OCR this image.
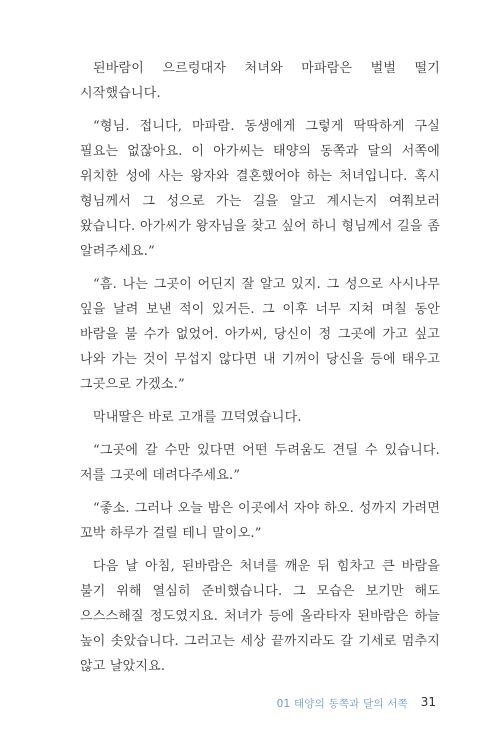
된바람이 으르렁대자 처녀와 마파람은 벌벌 떨기 시작했습니다.

“형님. 접니다, 마파람. 동생에게 그렇게 딱딱하게 구실 필요는 없잖아요. 이 아가씨는 태양의 동쪽과 달의 서쪽에 위치한 성에 사는 왕자와 결혼했어야 하는 처녀입니다. 혹시 형님께서 그 성으로 가는 길을 알고 계시는지 여쭤보러 왔습니다. 아가씨가 왕자님을 찾고 싶어 하니 형님께서 길을 좀 알려주세요.”

“흠. 나는 그곳이 어딘지 잘 알고 있지. 그 성으로 사시나무 잎을 날려 보낸 적이 있거든. 그 이후 너무 지쳐 며칠 동안 바람을 불 수가 없었어. 아가씨, 당신이 정 그곳에 가고 싶고 나와 가는 것이 무섭지 않다면 내 기꺼이 당신을 등에 태우고 그곳으로 가겠소.”

막내딸은 바로 고개를 끄덕였습니다.

“그곳에 갈 수만 있다면 어떤 두려움도 견딜 수 있습니다. 저를 그곳에 데려다주세요.”

“좋소. 그러나 오늘 밤은 이곳에서 자야 하오. 성까지 가려면 꼬박 하루가 걸릴 테니 말이오.”

다음 날 아침, 된바람은 처녀를 깨운 뒤 힘차고 큰 바람을 불기 위해 열심히 준비했습니다. 그 모습은 보기만 해도 으스스해질 정도였지요. 처녀가 등에 올라타자 된바람은 하늘 높이 솟았습니다. 그러고는 세상 끝까지라도 갈 기세로 멈추지 않고 날았지요.

01 태양의 동쪽과 달의 서쪽 31
